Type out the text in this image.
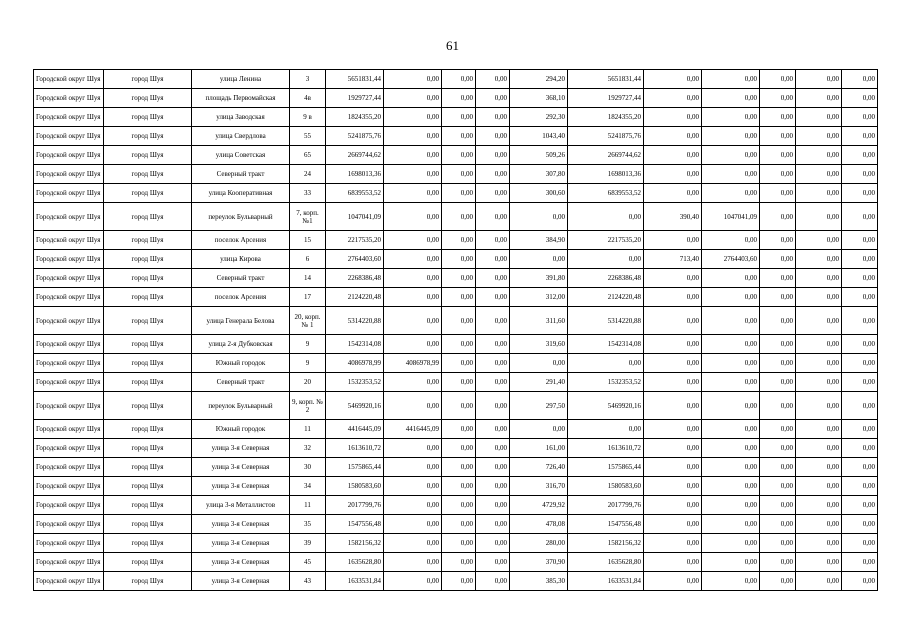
61
Городской округ Шуя	город Шуя	улица Ленина	3	5651831,44	0,00	0,00	0,00	294,20	5651831,44	0,00	0,00	0,00	0,00	0,00
Городской округ Шуя	город Шуя	площадь Первомайская	4в	1929727,44	0,00	0,00	0,00	368,10	1929727,44	0,00	0,00	0,00	0,00	0,00
Городской округ Шуя	город Шуя	улица Заводская	9 в	1824355,20	0,00	0,00	0,00	292,30	1824355,20	0,00	0,00	0,00	0,00	0,00
Городской округ Шуя	город Шуя	улица Свердлова	55	5241875,76	0,00	0,00	0,00	1043,40	5241875,76	0,00	0,00	0,00	0,00	0,00
Городской округ Шуя	город Шуя	улица Советская	65	2669744,62	0,00	0,00	0,00	509,26	2669744,62	0,00	0,00	0,00	0,00	0,00
Городской округ Шуя	город Шуя	Северный тракт	24	1698013,36	0,00	0,00	0,00	307,80	1698013,36	0,00	0,00	0,00	0,00	0,00
Городской округ Шуя	город Шуя	улица Кооперативная	33	6839553,52	0,00	0,00	0,00	300,60	6839553,52	0,00	0,00	0,00	0,00	0,00
Городской округ Шуя	город Шуя	переулок Бульварный	7, корп. №1	1047041,09	0,00	0,00	0,00	0,00	0,00	390,40	1047041,09	0,00	0,00	0,00
Городской округ Шуя	город Шуя	поселок Арсения	15	2217535,20	0,00	0,00	0,00	384,90	2217535,20	0,00	0,00	0,00	0,00	0,00
Городской округ Шуя	город Шуя	улица Кирова	6	2764403,60	0,00	0,00	0,00	0,00	0,00	713,40	2764403,60	0,00	0,00	0,00
Городской округ Шуя	город Шуя	Северный тракт	14	2268386,48	0,00	0,00	0,00	391,80	2268386,48	0,00	0,00	0,00	0,00	0,00
Городской округ Шуя	город Шуя	поселок Арсения	17	2124220,48	0,00	0,00	0,00	312,00	2124220,48	0,00	0,00	0,00	0,00	0,00
Городской округ Шуя	город Шуя	улица Генерала Белова	20, корп. № 1	5314220,88	0,00	0,00	0,00	311,60	5314220,88	0,00	0,00	0,00	0,00	0,00
Городской округ Шуя	город Шуя	улица 2-я Дубковская	9	1542314,08	0,00	0,00	0,00	319,60	1542314,08	0,00	0,00	0,00	0,00	0,00
Городской округ Шуя	город Шуя	Южный городок	9	4086978,99	4086978,99	0,00	0,00	0,00	0,00	0,00	0,00	0,00	0,00	0,00
Городской округ Шуя	город Шуя	Северный тракт	20	1532353,52	0,00	0,00	0,00	291,40	1532353,52	0,00	0,00	0,00	0,00	0,00
Городской округ Шуя	город Шуя	переулок Бульварный	9, корп. № 2	5469920,16	0,00	0,00	0,00	297,50	5469920,16	0,00	0,00	0,00	0,00	0,00
Городской округ Шуя	город Шуя	Южный городок	11	4416445,09	4416445,09	0,00	0,00	0,00	0,00	0,00	0,00	0,00	0,00	0,00
Городской округ Шуя	город Шуя	улица 3-я Северная	32	1613610,72	0,00	0,00	0,00	161,00	1613610,72	0,00	0,00	0,00	0,00	0,00
Городской округ Шуя	город Шуя	улица 3-я Северная	30	1575865,44	0,00	0,00	0,00	726,40	1575865,44	0,00	0,00	0,00	0,00	0,00
Городской округ Шуя	город Шуя	улица 3-я Северная	34	1580583,60	0,00	0,00	0,00	316,70	1580583,60	0,00	0,00	0,00	0,00	0,00
Городской округ Шуя	город Шуя	улица 3-я Металлистов	11	2017799,76	0,00	0,00	0,00	4729,92	2017799,76	0,00	0,00	0,00	0,00	0,00
Городской округ Шуя	город Шуя	улица 3-я Северная	35	1547556,48	0,00	0,00	0,00	478,08	1547556,48	0,00	0,00	0,00	0,00	0,00
Городской округ Шуя	город Шуя	улица 3-я Северная	39	1582156,32	0,00	0,00	0,00	280,00	1582156,32	0,00	0,00	0,00	0,00	0,00
Городской округ Шуя	город Шуя	улица 3-я Северная	45	1635628,80	0,00	0,00	0,00	370,90	1635628,80	0,00	0,00	0,00	0,00	0,00
Городской округ Шуя	город Шуя	улица 3-я Северная	43	1633531,84	0,00	0,00	0,00	385,30	1633531,84	0,00	0,00	0,00	0,00	0,00
